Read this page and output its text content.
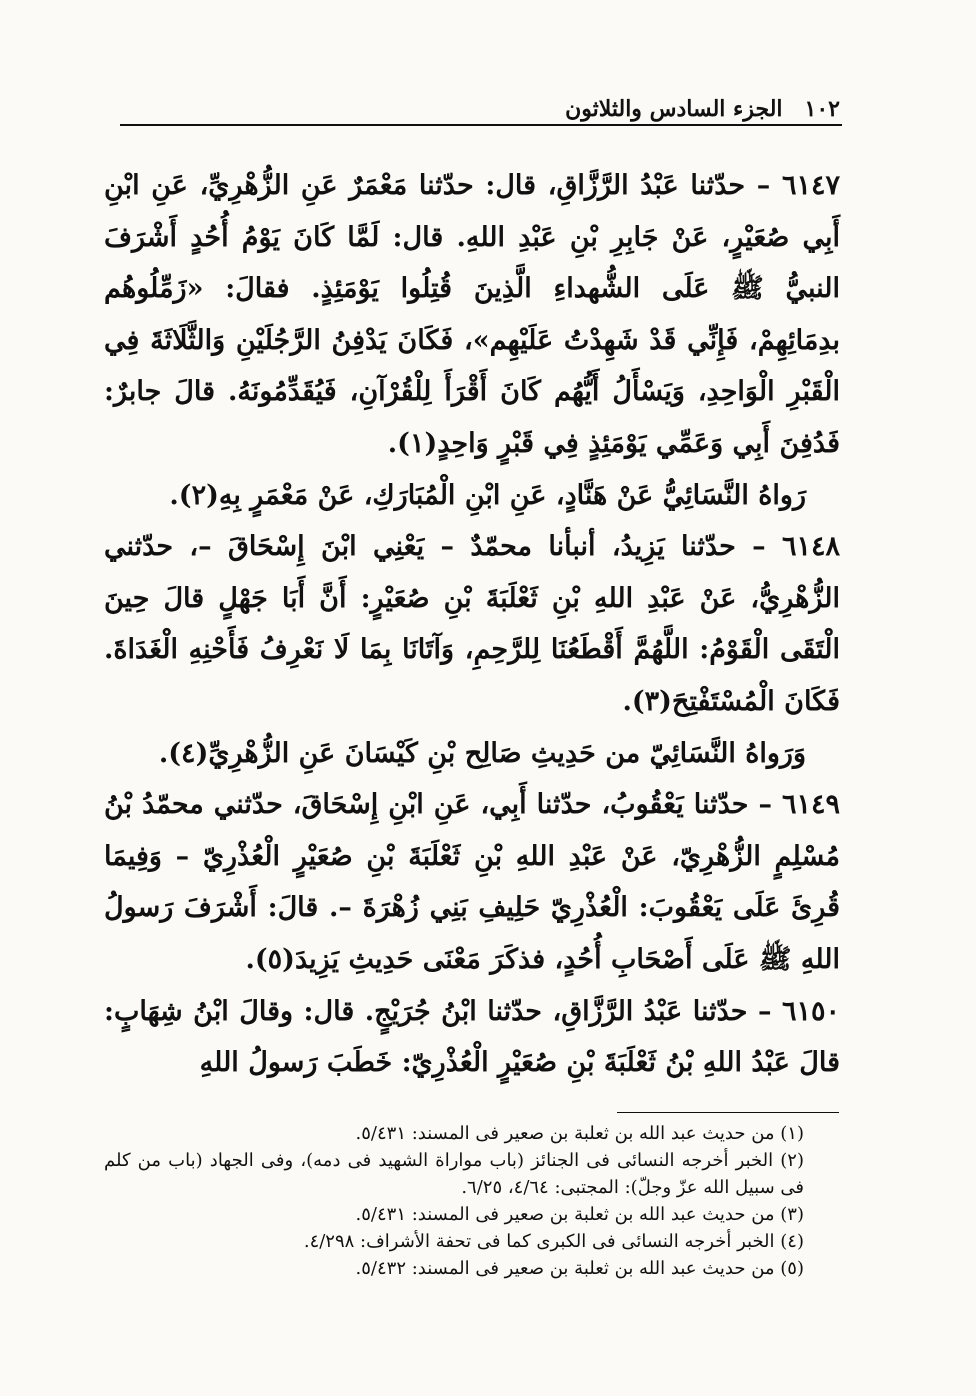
١٠٢
الجزء السادس والثلاثون

٦١٤٧ – حدّثنا عَبْدُ الرَّزَّاقِ، قال: حدّثنا مَعْمَرٌ عَنِ الزُّهْرِيِّ، عَنِ ابْنِ أَبِي صُعَيْرٍ، عَنْ جَابِرِ بْنِ عَبْدِ اللهِ. قال: لَمَّا كَانَ يَوْمُ أُحُدٍ أَشْرَفَ النبيُّ ﷺ عَلَى الشُّهداءِ الَّذِينَ قُتِلُوا يَوْمَئِذٍ. فقالَ: «زَمِّلُوهُم بدِمَائِهِمْ، فَإِنِّي قَدْ شَهِدْتُ عَلَيْهِم»، فَكَانَ يَدْفِنُ الرَّجُلَيْنِ وَالثَّلَاثَةَ فِي الْقَبْرِ الْوَاحِدِ، وَيَسْأَلُ أَيُّهُم كَانَ أَقْرَأَ لِلْقُرْآنِ، فَيُقَدِّمُونَهُ. قالَ جابرٌ: فَدُفِنَ أَبِي وَعَمِّي يَوْمَئِذٍ فِي قَبْرٍ وَاحِدٍ(١).

رَواهُ النَّسَائِيُّ عَنْ هَنَّادٍ، عَنِ ابْنِ الْمُبَارَكِ، عَنْ مَعْمَرٍ بِهِ(٢).

٦١٤٨ – حدّثنا يَزِيدُ، أنبأنا محمّدٌ – يَعْنِي ابْنَ إِسْحَاقَ –، حدّثني الزُّهْرِيُّ، عَنْ عَبْدِ اللهِ بْنِ ثَعْلَبَةَ بْنِ صُعَيْرٍ: أَنَّ أَبَا جَهْلٍ قالَ حِينَ الْتَقَى الْقَوْمُ: اللَّهُمَّ أَقْطَعُنَا لِلرَّحِمِ، وَآتَانَا بِمَا لَا نَعْرِفُ فَأَحْنِهِ الْغَدَاةَ. فَكَانَ الْمُسْتَفْتِحَ(٣).

وَرَواهُ النَّسَائِيّ من حَدِيثِ صَالِح بْنِ كَيْسَانَ عَنِ الزُّهْرِيِّ(٤).

٦١٤٩ – حدّثنا يَعْقُوبُ، حدّثنا أَبِي، عَنِ ابْنِ إِسْحَاقَ، حدّثني محمّدُ بْنُ مُسْلِمٍ الزُّهْرِيّ، عَنْ عَبْدِ اللهِ بْنِ ثَعْلَبَةَ بْنِ صُعَيْرٍ الْعُذْرِيّ – وَفِيمَا قُرِئَ عَلَى يَعْقُوبَ: الْعُذْرِيّ حَلِيفِ بَنِي زُهْرَةَ –. قالَ: أَشْرَفَ رَسولُ اللهِ ﷺ عَلَى أَصْحَابِ أُحُدٍ، فذكَرَ مَعْنَى حَدِيثِ يَزِيدَ(٥).

٦١٥٠ – حدّثنا عَبْدُ الرَّزَّاقِ، حدّثنا ابْنُ جُرَيْجٍ. قال: وقالَ ابْنُ شِهَابٍ: قالَ عَبْدُ اللهِ بْنُ ثَعْلَبَةَ بْنِ صُعَيْرٍ الْعُذْرِيّ: خَطَبَ رَسولُ اللهِ

(١) من حديث عبد الله بن ثعلبة بن صعير فى المسند: ٥/٤٣١.

(٢) الخبر أخرجه النسائى فى الجنائز (باب مواراة الشهيد فى دمه)، وفى الجهاد (باب من كلم فى سبيل الله عزّ وجلّ): المجتبى: ٤/٦٤، ٦/٢٥.

(٣) من حديث عبد الله بن ثعلبة بن صعير فى المسند: ٥/٤٣١.

(٤) الخبر أخرجه النسائى فى الكبرى كما فى تحفة الأشراف: ٤/٢٩٨.

(٥) من حديث عبد الله بن ثعلبة بن صعير فى المسند: ٥/٤٣٢.
